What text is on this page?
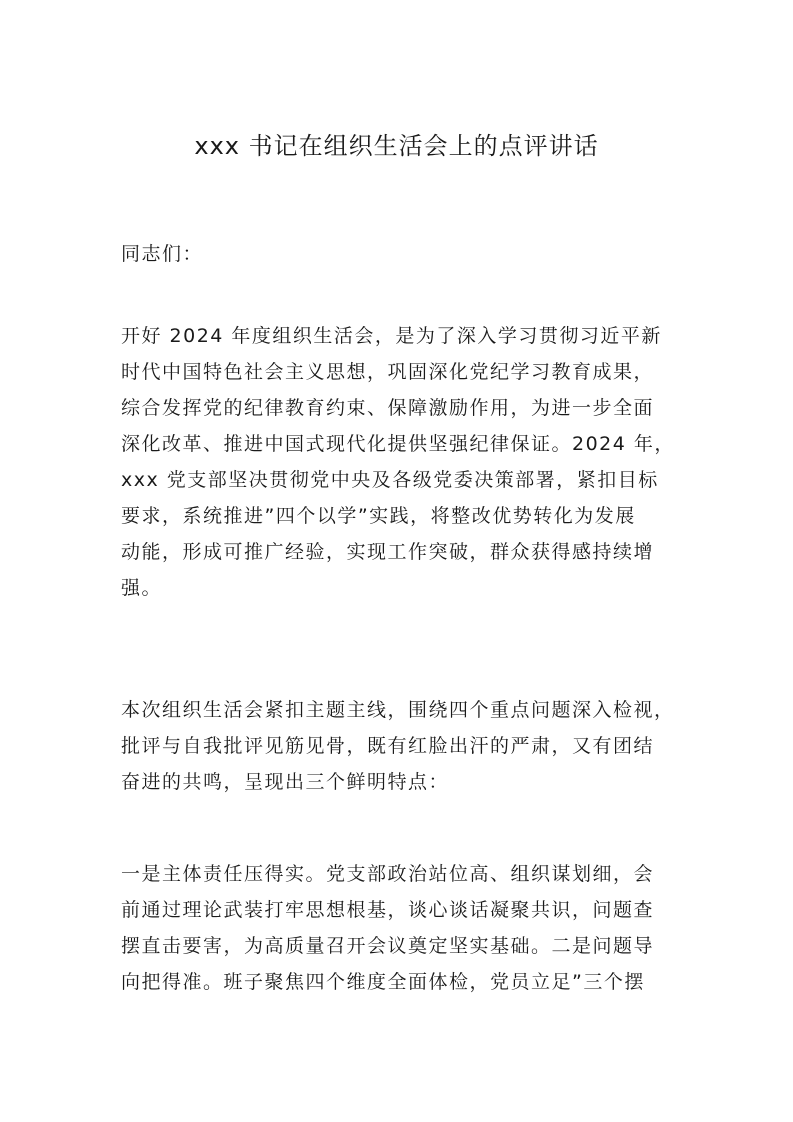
xxx 书记在组织生活会上的点评讲话

同志们：

开好 2024 年度组织生活会，是为了深入学习贯彻习近平新
时代中国特色社会主义思想，巩固深化党纪学习教育成果，
综合发挥党的纪律教育约束、保障激励作用，为进一步全面
深化改革、推进中国式现代化提供坚强纪律保证。2024 年，
xxx 党支部坚决贯彻党中央及各级党委决策部署，紧扣目标
要求，系统推进”四个以学”实践，将整改优势转化为发展
动能，形成可推广经验，实现工作突破，群众获得感持续增
强。
本次组织生活会紧扣主题主线，围绕四个重点问题深入检视，
批评与自我批评见筋见骨，既有红脸出汗的严肃，又有团结
奋进的共鸣，呈现出三个鲜明特点：
一是主体责任压得实。党支部政治站位高、组织谋划细，会
前通过理论武装打牢思想根基，谈心谈话凝聚共识，问题查
摆直击要害，为高质量召开会议奠定坚实基础。二是问题导
向把得准。班子聚焦四个维度全面体检，党员立足”三个摆
